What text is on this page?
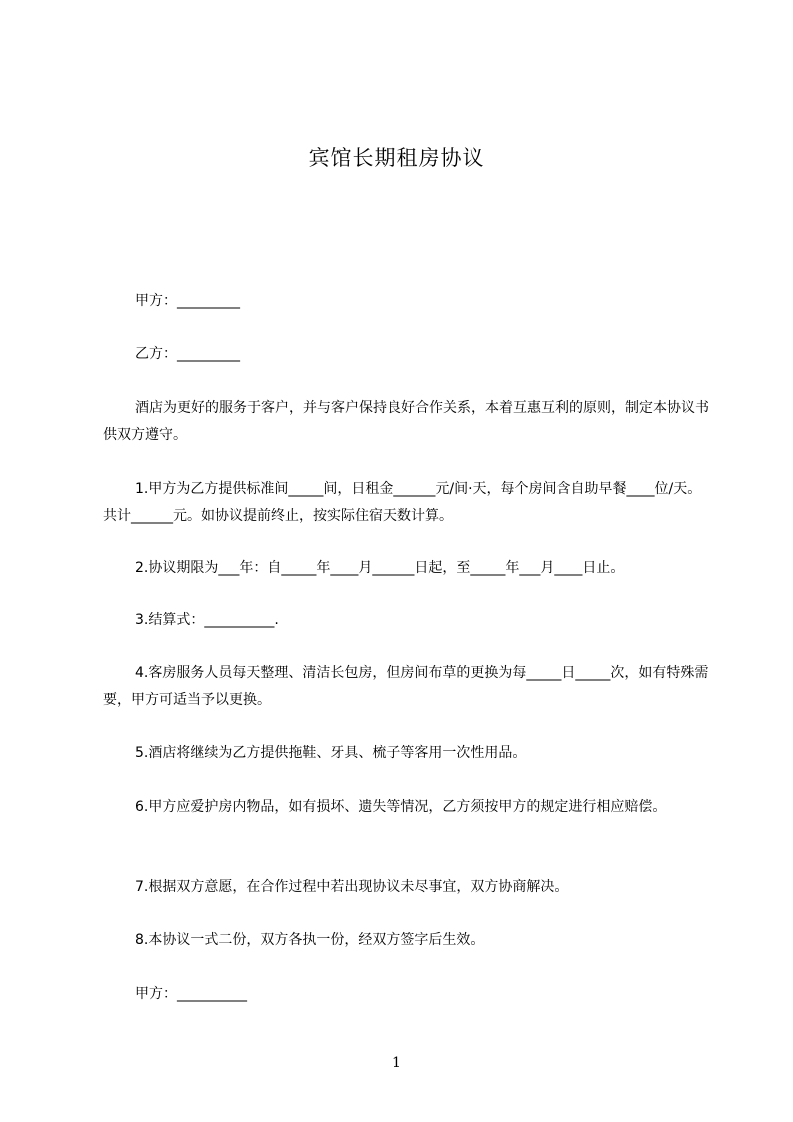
宾馆长期租房协议
甲方：_________
乙方：_________
酒店为更好的服务于客户，并与客户保持良好合作关系，本着互惠互利的原则，制定本协议书供双方遵守。
1.甲方为乙方提供标准间_____间，日租金______元/间·天，每个房间含自助早餐____位/天。共计______元。如协议提前终止，按实际住宿天数计算。
2.协议期限为___年：自_____年____月______日起，至_____年___月____日止。
3.结算式：__________.
4.客房服务人员每天整理、清洁长包房，但房间布草的更换为每_____日_____次，如有特殊需要，甲方可适当予以更换。
5.酒店将继续为乙方提供拖鞋、牙具、梳子等客用一次性用品。
6.甲方应爱护房内物品，如有损坏、遗失等情况，乙方须按甲方的规定进行相应赔偿。
7.根据双方意愿，在合作过程中若出现协议未尽事宜，双方协商解决。
8.本协议一式二份，双方各执一份，经双方签字后生效。
甲方：__________
1
